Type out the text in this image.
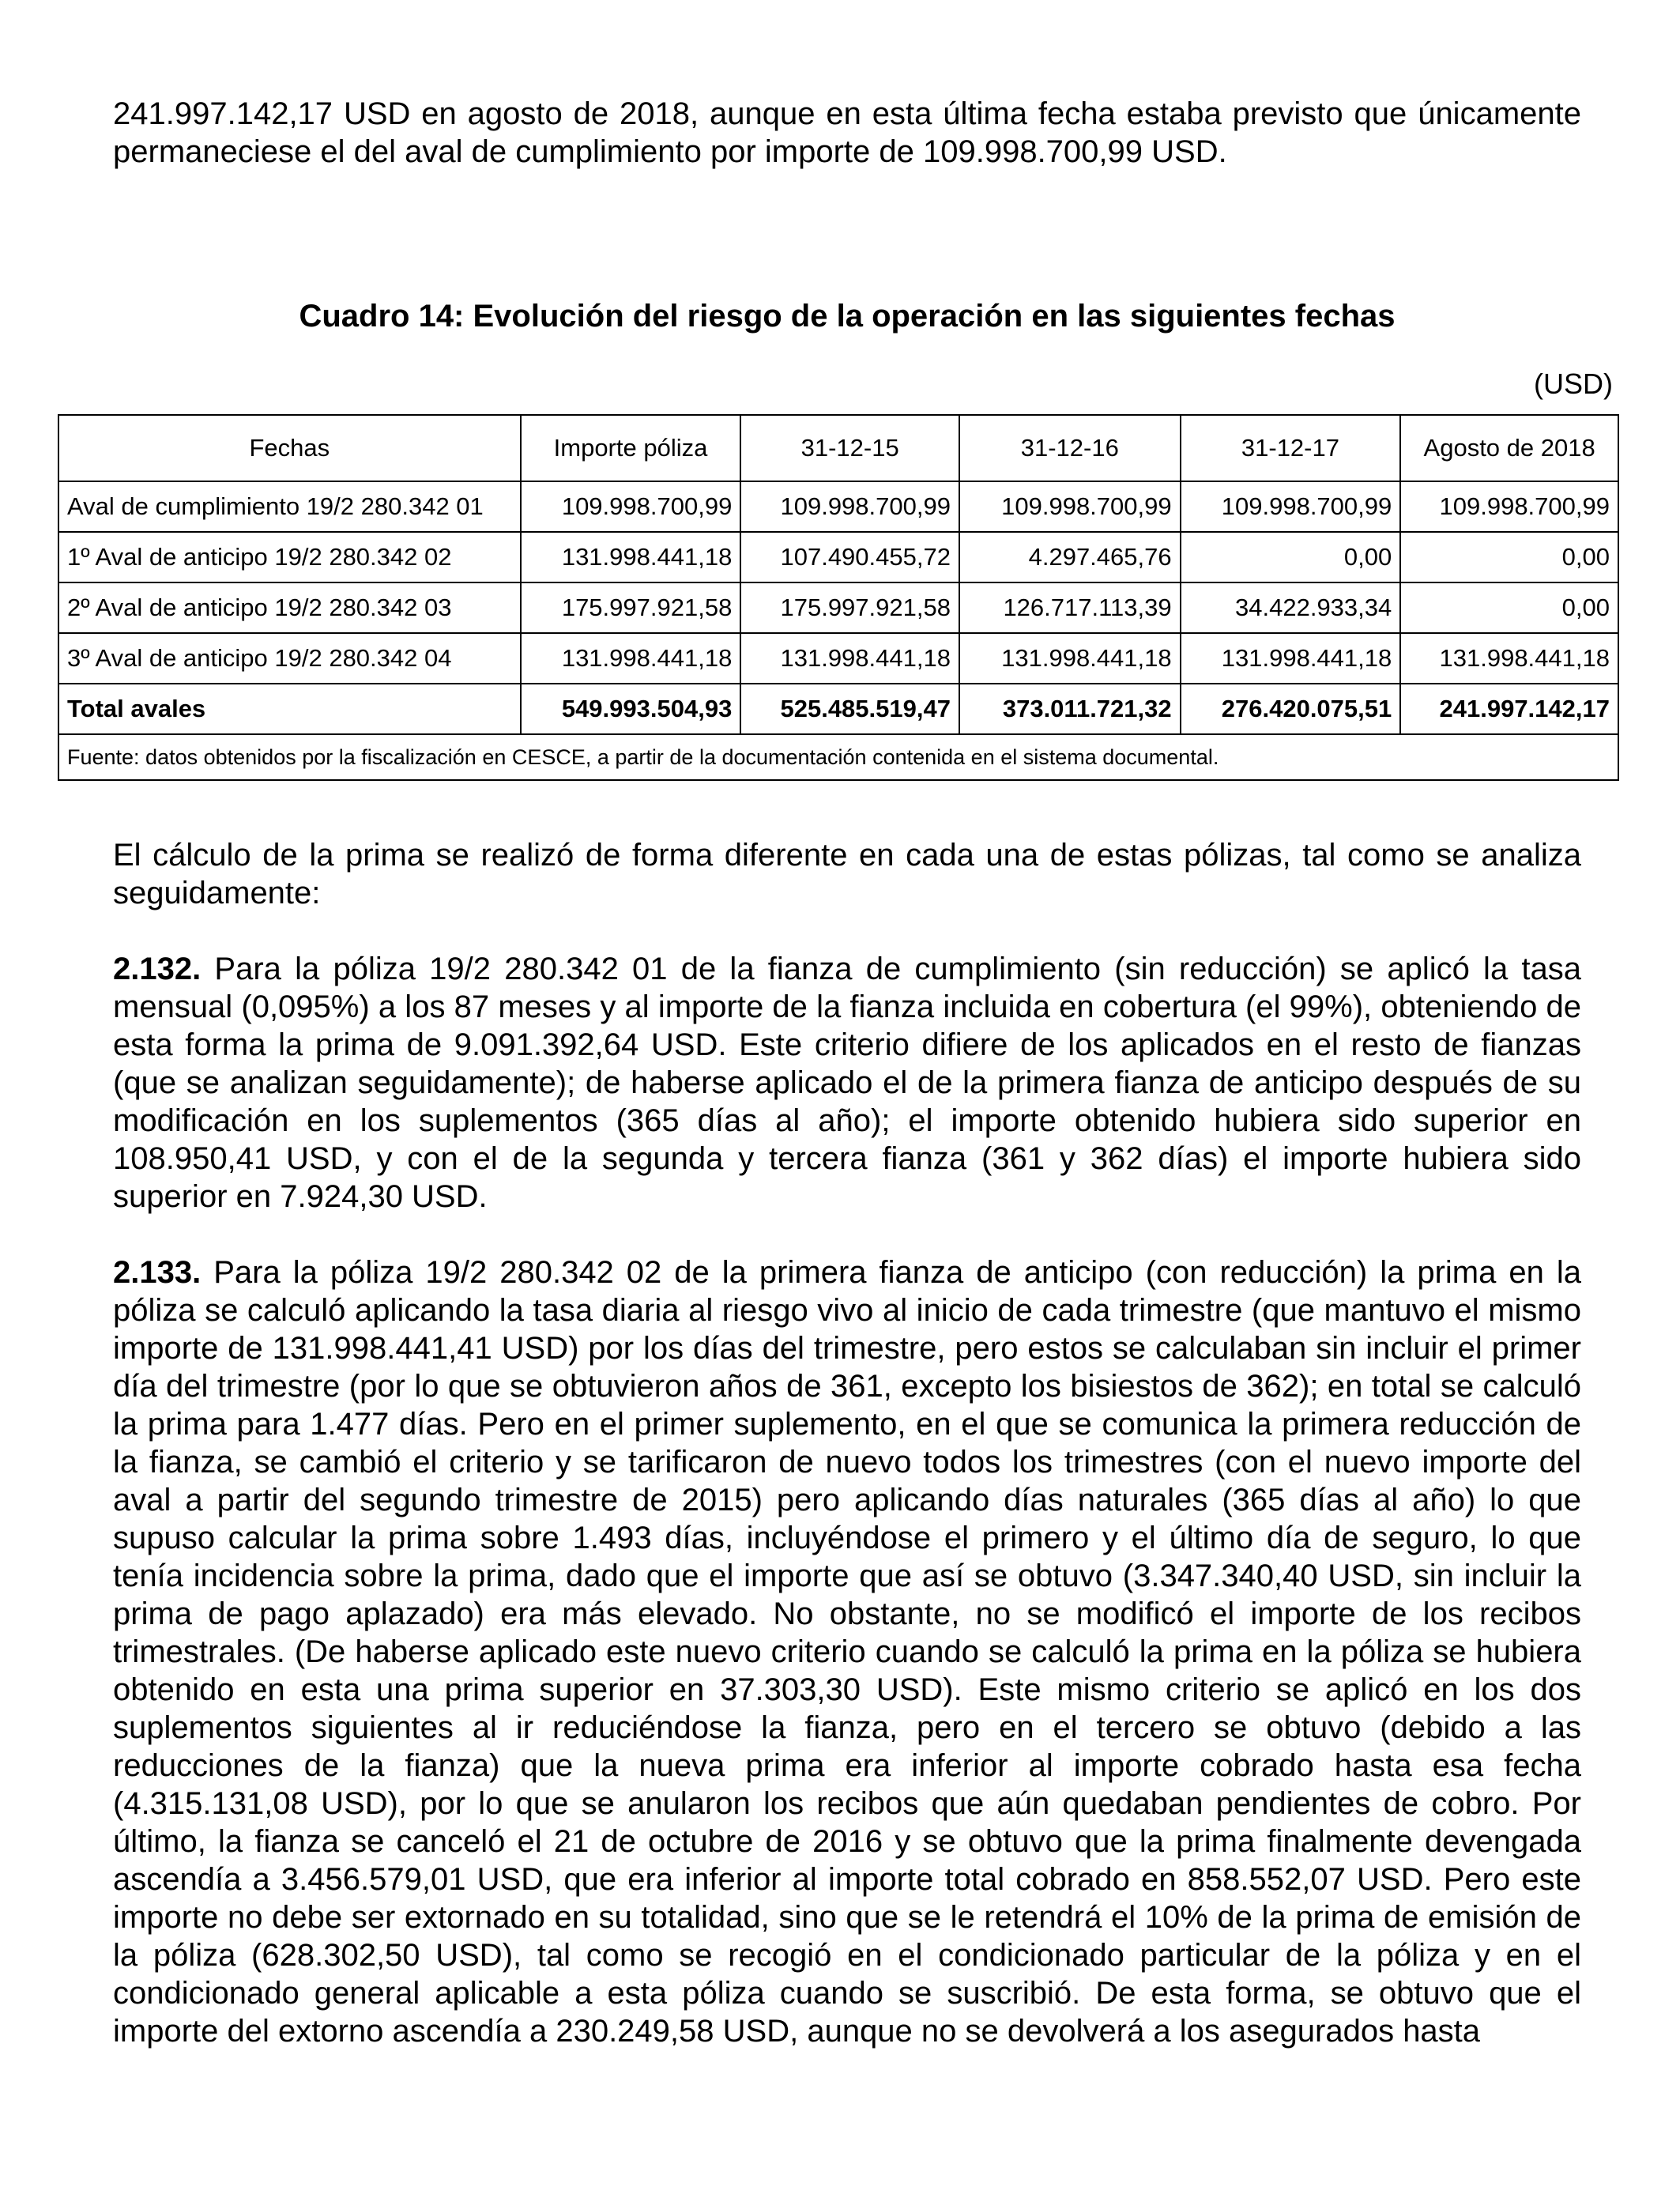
241.997.142,17 USD en agosto de 2018, aunque en esta última fecha estaba previsto que únicamente permaneciese el del aval de cumplimiento por importe de 109.998.700,99 USD.

Cuadro 14: Evolución del riesgo de la operación en las siguientes fechas

(USD)
Fechas	Importe póliza	31-12-15	31-12-16	31-12-17	Agosto de 2018
Aval de cumplimiento 19/2 280.342 01	109.998.700,99	109.998.700,99	109.998.700,99	109.998.700,99	109.998.700,99
1º Aval de anticipo 19/2 280.342 02	131.998.441,18	107.490.455,72	4.297.465,76	0,00	0,00
2º Aval de anticipo 19/2 280.342 03	175.997.921,58	175.997.921,58	126.717.113,39	34.422.933,34	0,00
3º Aval de anticipo 19/2 280.342 04	131.998.441,18	131.998.441,18	131.998.441,18	131.998.441,18	131.998.441,18
Total avales	549.993.504,93	525.485.519,47	373.011.721,32	276.420.075,51	241.997.142,17
Fuente: datos obtenidos por la fiscalización en CESCE, a partir de la documentación contenida en el sistema documental.					

El cálculo de la prima se realizó de forma diferente en cada una de estas pólizas, tal como se analiza seguidamente:

2.132. Para la póliza 19/2 280.342 01 de la fianza de cumplimiento (sin reducción) se aplicó la tasa mensual (0,095%) a los 87 meses y al importe de la fianza incluida en cobertura (el 99%), obteniendo de esta forma la prima de 9.091.392,64 USD. Este criterio difiere de los aplicados en el resto de fianzas (que se analizan seguidamente); de haberse aplicado el de la primera fianza de anticipo después de su modificación en los suplementos (365 días al año); el importe obtenido hubiera sido superior en 108.950,41 USD, y con el de la segunda y tercera fianza (361 y 362 días) el importe hubiera sido superior en 7.924,30 USD.

2.133. Para la póliza 19/2 280.342 02 de la primera fianza de anticipo (con reducción) la prima en la póliza se calculó aplicando la tasa diaria al riesgo vivo al inicio de cada trimestre (que mantuvo el mismo importe de 131.998.441,41 USD) por los días del trimestre, pero estos se calculaban sin incluir el primer día del trimestre (por lo que se obtuvieron años de 361, excepto los bisiestos de 362); en total se calculó la prima para 1.477 días. Pero en el primer suplemento, en el que se comunica la primera reducción de la fianza, se cambió el criterio y se tarificaron de nuevo todos los trimestres (con el nuevo importe del aval a partir del segundo trimestre de 2015) pero aplicando días naturales (365 días al año) lo que supuso calcular la prima sobre 1.493 días, incluyéndose el primero y el último día de seguro, lo que tenía incidencia sobre la prima, dado que el importe que así se obtuvo (3.347.340,40 USD, sin incluir la prima de pago aplazado) era más elevado. No obstante, no se modificó el importe de los recibos trimestrales. (De haberse aplicado este nuevo criterio cuando se calculó la prima en la póliza se hubiera obtenido en esta una prima superior en 37.303,30 USD). Este mismo criterio se aplicó en los dos suplementos siguientes al ir reduciéndose la fianza, pero en el tercero se obtuvo (debido a las reducciones de la fianza) que la nueva prima era inferior al importe cobrado hasta esa fecha (4.315.131,08 USD), por lo que se anularon los recibos que aún quedaban pendientes de cobro. Por último, la fianza se canceló el 21 de octubre de 2016 y se obtuvo que la prima finalmente devengada ascendía a 3.456.579,01 USD, que era inferior al importe total cobrado en 858.552,07 USD. Pero este importe no debe ser extornado en su totalidad, sino que se le retendrá el 10% de la prima de emisión de la póliza (628.302,50 USD), tal como se recogió en el condicionado particular de la póliza y en el condicionado general aplicable a esta póliza cuando se suscribió. De esta forma, se obtuvo que el importe del extorno ascendía a 230.249,58 USD, aunque no se devolverá a los asegurados hasta
